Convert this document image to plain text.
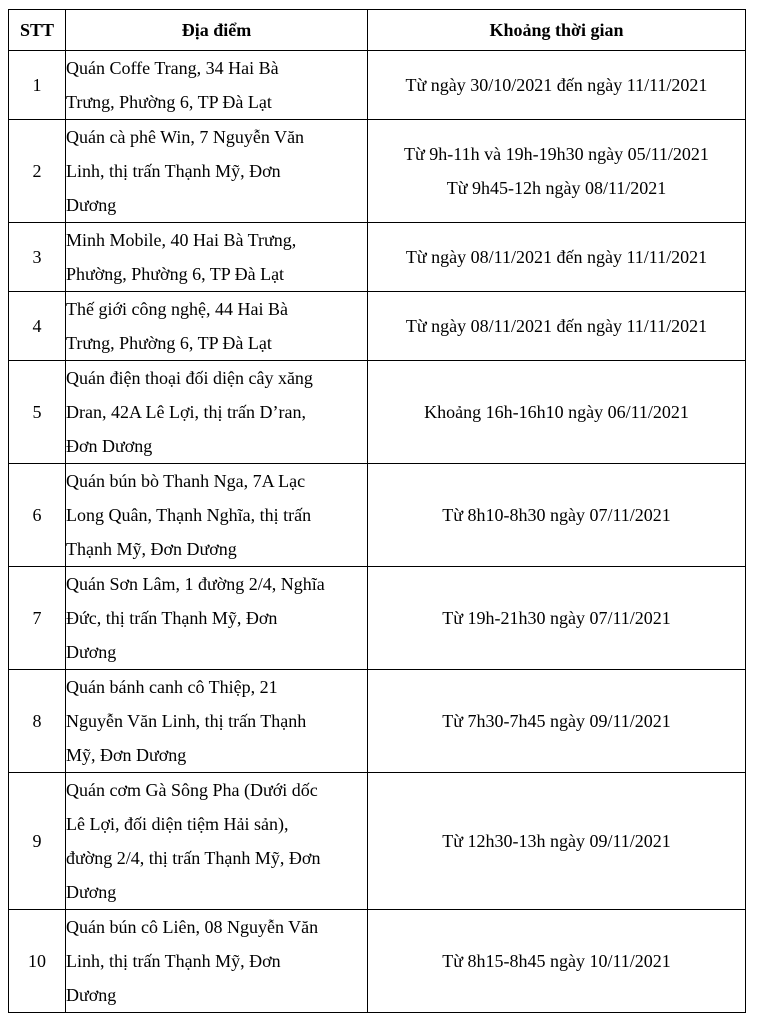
STT	Địa điểm	Khoảng thời gian
1	Quán Coffe Trang, 34 Hai Bà
Trưng, Phường 6, TP Đà Lạt	Từ ngày 30/10/2021 đến ngày 11/11/2021

2	Quán cà phê Win, 7 Nguyễn Văn
Linh, thị trấn Thạnh Mỹ, Đơn
Dương	Từ 9h-11h và 19h-19h30 ngày 05/11/2021
Từ 9h45-12h ngày 08/11/2021

3	Minh Mobile, 40 Hai Bà Trưng,
Phường, Phường 6, TP Đà Lạt	Từ ngày 08/11/2021 đến ngày 11/11/2021

4	Thế giới công nghệ, 44 Hai Bà
Trưng, Phường 6, TP Đà Lạt	Từ ngày 08/11/2021 đến ngày 11/11/2021

5	Quán điện thoại đối diện cây xăng
Dran, 42A Lê Lợi, thị trấn D’ran,
Đơn Dương	Khoảng 16h-16h10 ngày 06/11/2021

6	Quán bún bò Thanh Nga, 7A Lạc
Long Quân, Thạnh Nghĩa, thị trấn
Thạnh Mỹ, Đơn Dương	Từ 8h10-8h30 ngày 07/11/2021

7	Quán Sơn Lâm, 1 đường 2/4, Nghĩa
Đức, thị trấn Thạnh Mỹ, Đơn
Dương	Từ 19h-21h30 ngày 07/11/2021

8	Quán bánh canh cô Thiệp, 21
Nguyễn Văn Linh, thị trấn Thạnh
Mỹ, Đơn Dương	Từ 7h30-7h45 ngày 09/11/2021

9	Quán cơm Gà Sông Pha (Dưới dốc
Lê Lợi, đối diện tiệm Hải sản),
đường 2/4, thị trấn Thạnh Mỹ, Đơn
Dương	Từ 12h30-13h ngày 09/11/2021

10	Quán bún cô Liên, 08 Nguyễn Văn
Linh, thị trấn Thạnh Mỹ, Đơn
Dương	Từ 8h15-8h45 ngày 10/11/2021
